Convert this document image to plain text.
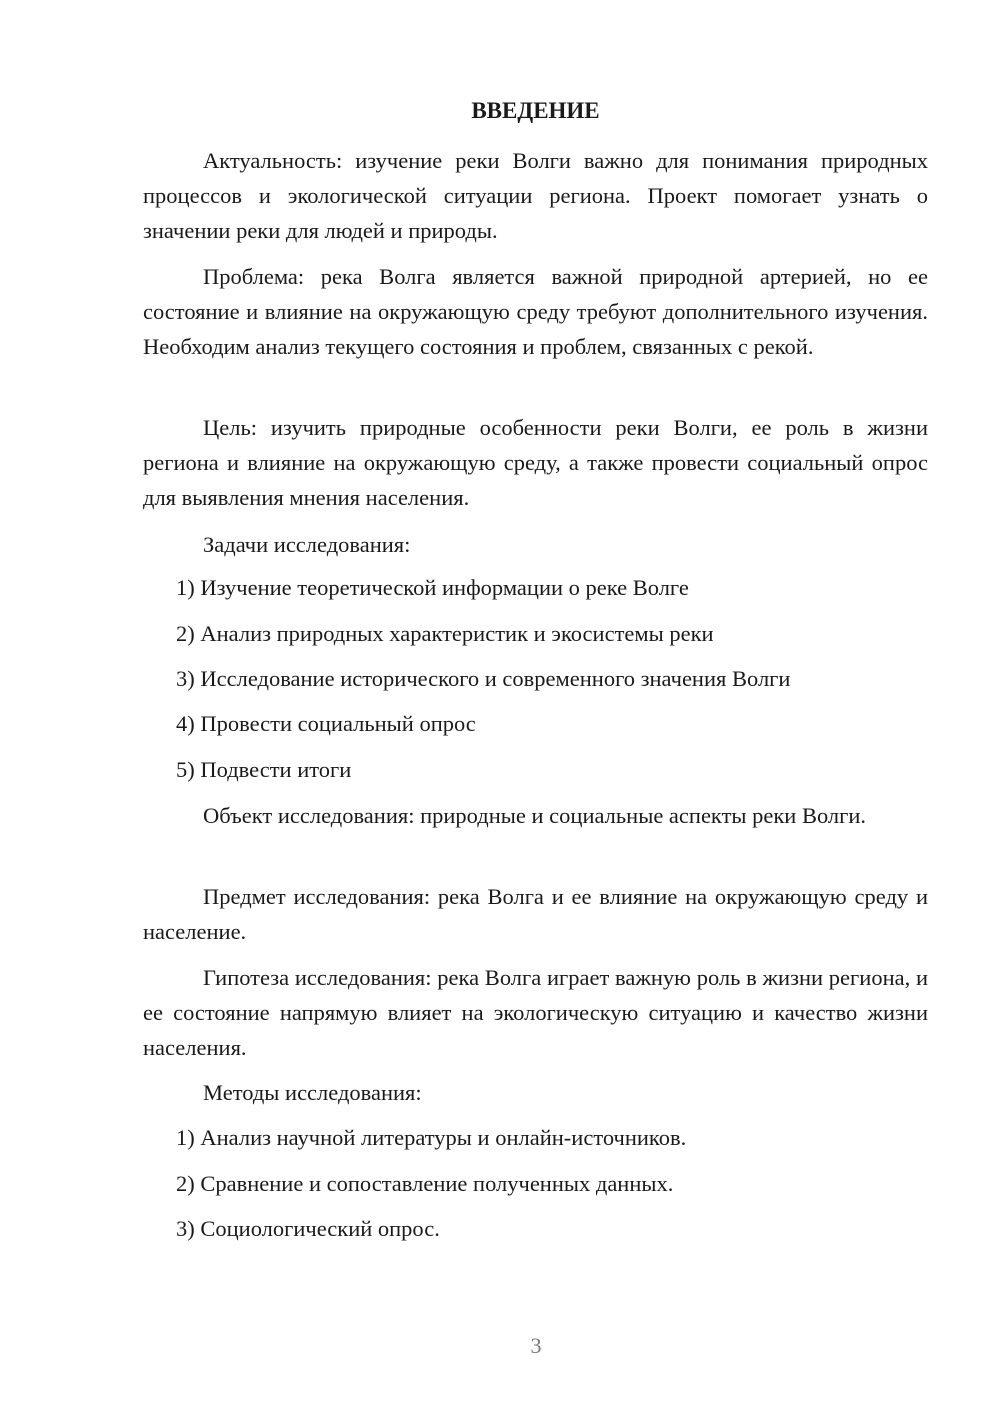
ВВЕДЕНИЕ

Актуальность: изучение реки Волги важно для понимания природных процессов и экологической ситуации региона. Проект помогает узнать о значении реки для людей и природы.

Проблема: река Волга является важной природной артерией, но ее состояние и влияние на окружающую среду требуют дополнительного изучения. Необходим анализ текущего состояния и проблем, связанных с рекой.

Цель: изучить природные особенности реки Волги, ее роль в жизни региона и влияние на окружающую среду, а также провести социальный опрос для выявления мнения населения.

Задачи исследования:

1) Изучение теоретической информации о реке Волге

2) Анализ природных характеристик и экосистемы реки

3) Исследование исторического и современного значения Волги

4) Провести социальный опрос

5) Подвести итоги

Объект исследования: природные и социальные аспекты реки Волги.

Предмет исследования: река Волга и ее влияние на окружающую среду и население.

Гипотеза исследования: река Волга играет важную роль в жизни региона, и ее состояние напрямую влияет на экологическую ситуацию и качество жизни населения.

Методы исследования:

1) Анализ научной литературы и онлайн-источников.

2) Сравнение и сопоставление полученных данных.

3) Социологический опрос.

3
